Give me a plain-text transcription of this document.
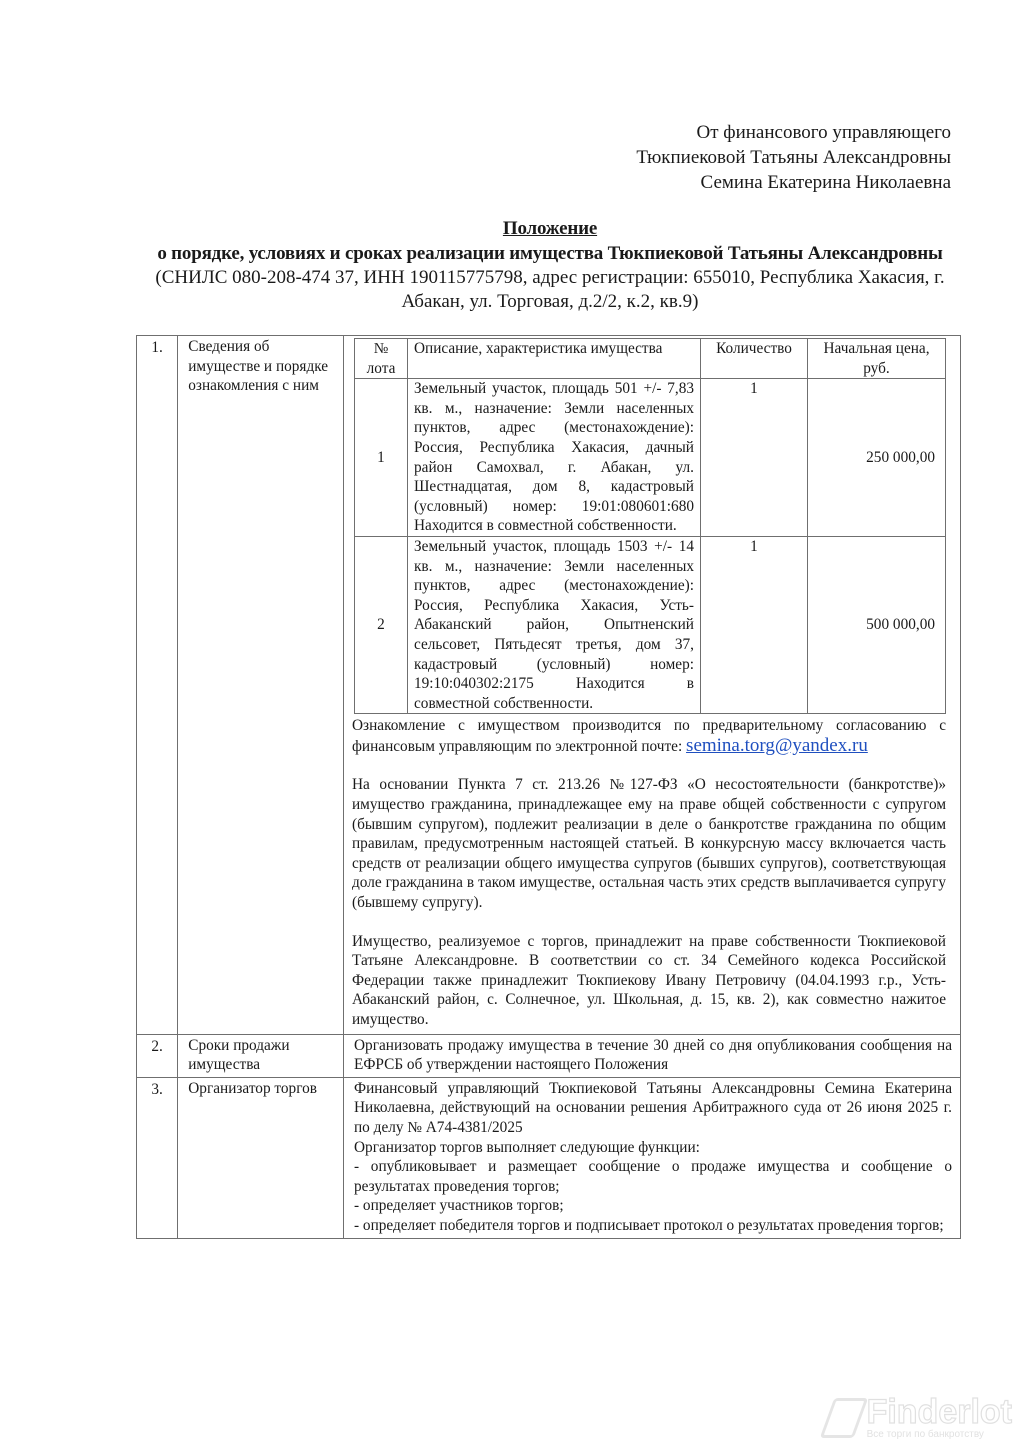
От финансового управляющего
Тюкпиековой Татьяны Александровны
Семина Екатерина Николаевна
Положение
о порядке, условиях и сроках реализации имущества Тюкпиековой Татьяны Александровны
(СНИЛС 080-208-474 37, ИНН 190115775798, адрес регистрации: 655010, Республика Хакасия, г. Абакан, ул. Торговая, д.2/2, к.2, кв.9)
1.	Сведения об имуществе и порядке ознакомления с ним	
№ лота	Описание, характеристика имущества	Количество	Начальная цена, руб.
1	Земельный участок, площадь 501 +/- 7,83 кв. м., назначение: Земли населенных пунктов, адрес (местонахождение): Россия, Республика Хакасия, дачный район Самохвал, г. Абакан, ул. Шестнадцатая, дом 8, кадастровый (условный) номер: 19:01:080601:680 Находится в совместной собственности.	1	250 000,00
2	Земельный участок, площадь 1503 +/- 14 кв. м., назначение: Земли населенных пунктов, адрес (местонахождение): Россия, Республика Хакасия, Усть-Абаканский район, Опытненский сельсовет, Пятьдесят третья, дом 37, кадастровый (условный) номер: 19:10:040302:2175 Находится в совместной собственности.	1	500 000,00

Ознакомление с имуществом производится по предварительному согласованию с финансовым управляющим по электронной почте: semina.torg@yandex.ru

На основании Пункта 7 ст. 213.26 №127-ФЗ «О несостоятельности (банкротстве)» имущество гражданина, принадлежащее ему на праве общей собственности с супругом (бывшим супругом), подлежит реализации в деле о банкротстве гражданина по общим правилам, предусмотренным настоящей статьей. В конкурсную массу включается часть средств от реализации общего имущества супругов (бывших супругов), соответствующая доле гражданина в таком имуществе, остальная часть этих средств выплачивается супругу (бывшему супругу).

Имущество, реализуемое с торгов, принадлежит на праве собственности Тюкпиековой Татьяне Александровне. В соответствии со ст. 34 Семейного кодекса Российской Федерации также принадлежит Тюкпиекову Ивану Петровичу (04.04.1993 г.р., Усть-Абаканский район, с. Солнечное, ул. Школьная, д. 15, кв. 2), как совместно нажитое имущество.

2.	Сроки продажи имущества	Организовать продажу имущества в течение 30 дней со дня опубликования сообщения на ЕФРСБ об утверждении настоящего Положения
3.	Организатор торгов	Финансовый управляющий Тюкпиековой Татьяны Александровны Семина Екатерина Николаевна, действующий на основании решения Арбитражного суда от 26 июня 2025 г. по делу № А74-4381/2025
Организатор торгов выполняет следующие функции:
- опубликовывает и размещает сообщение о продаже имущества и сообщение о результатах проведения торгов;
- определяет участников торгов;
- определяет победителя торгов и подписывает протокол о результатах проведения торгов;
Finderlot
Все торги по банкротству
